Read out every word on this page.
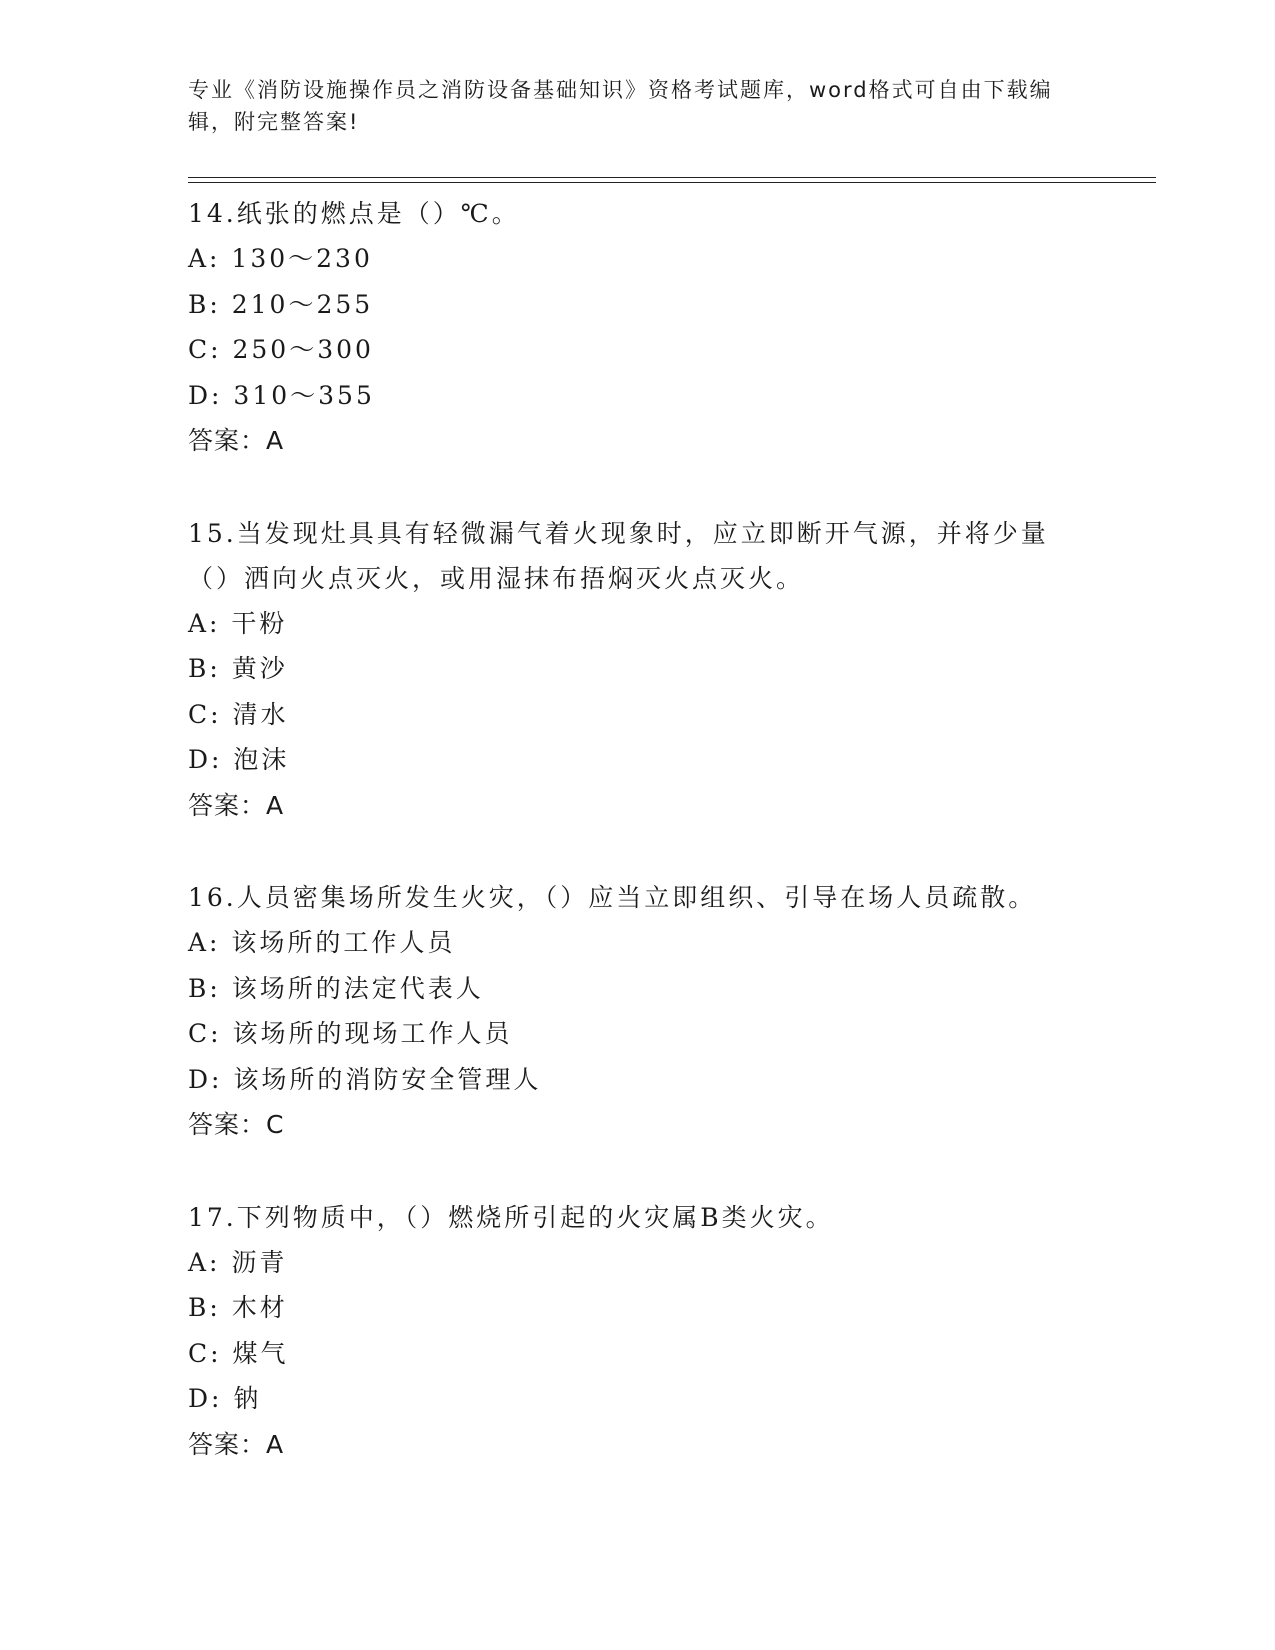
专业《消防设施操作员之消防设备基础知识》资格考试题库，word格式可自由下载编辑，附完整答案!
14.纸张的燃点是（）℃。
A: 130～230
B: 210～255
C: 250～300
D: 310～355
答案：A
15.当发现灶具具有轻微漏气着火现象时，应立即断开气源，并将少量（）洒向火点灭火，或用湿抹布捂焖灭火点灭火。
A: 干粉
B: 黄沙
C: 清水
D: 泡沫
答案：A
16.人员密集场所发生火灾，（）应当立即组织、引导在场人员疏散。
A: 该场所的工作人员
B: 该场所的法定代表人
C: 该场所的现场工作人员
D: 该场所的消防安全管理人
答案：C
17.下列物质中，（）燃烧所引起的火灾属B类火灾。
A: 沥青
B: 木材
C: 煤气
D: 钠
答案：A
